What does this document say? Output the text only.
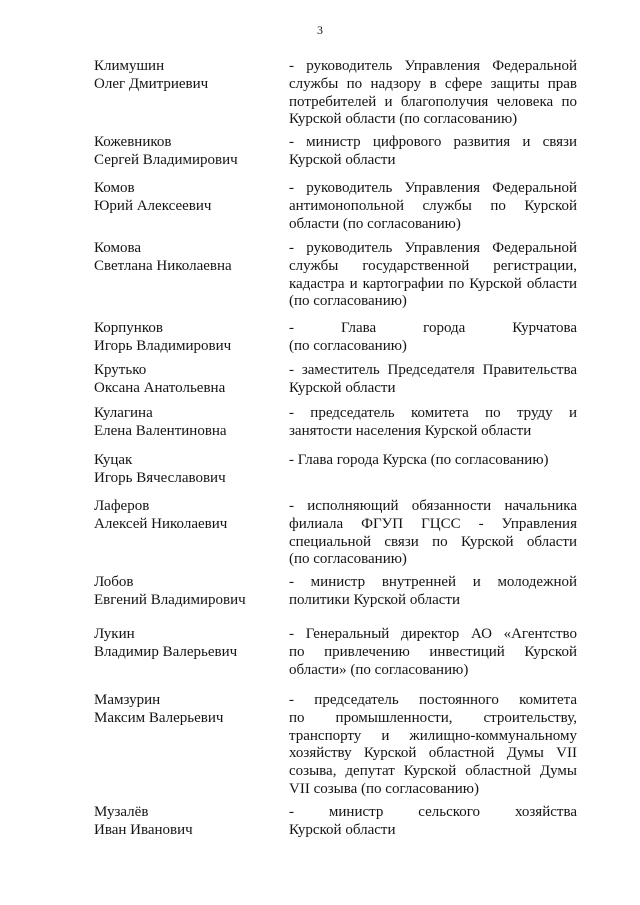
3
Климушин
Олег Дмитриевич
- руководитель Управления Федеральной
службы по надзору в сфере защиты прав
потребителей и благополучия человека по
Курской области (по согласованию)
Кожевников
Сергей Владимирович
- министр цифрового развития и связи
Курской области
Комов
Юрий Алексеевич
- руководитель Управления Федеральной
антимонопольной службы по Курской
области (по согласованию)
Комова
Светлана Николаевна
- руководитель Управления Федеральной
службы государственной регистрации,
кадастра и картографии по Курской области
(по согласованию)
Корпунков
Игорь Владимирович
- Глава города Курчатова
(по согласованию)
Крутько
Оксана Анатольевна
- заместитель Председателя Правительства
Курской области
Кулагина
Елена Валентиновна
- председатель комитета по труду и
занятости населения Курской области
Куцак
Игорь Вячеславович
- Глава города Курска (по согласованию)
Лаферов
Алексей Николаевич
- исполняющий обязанности начальника
филиала ФГУП ГЦСС - Управления
специальной связи по Курской области
(по согласованию)
Лобов
Евгений Владимирович
- министр внутренней и молодежной
политики Курской области
Лукин
Владимир Валерьевич
- Генеральный директор АО «Агентство
по привлечению инвестиций Курской
области» (по согласованию)
Мамзурин
Максим Валерьевич
- председатель постоянного комитета
по промышленности, строительству,
транспорту и жилищно-коммунальному
хозяйству Курской областной Думы VII
созыва, депутат Курской областной Думы
VII созыва (по согласованию)
Музалёв
Иван Иванович
- министр сельского хозяйства
Курской области
